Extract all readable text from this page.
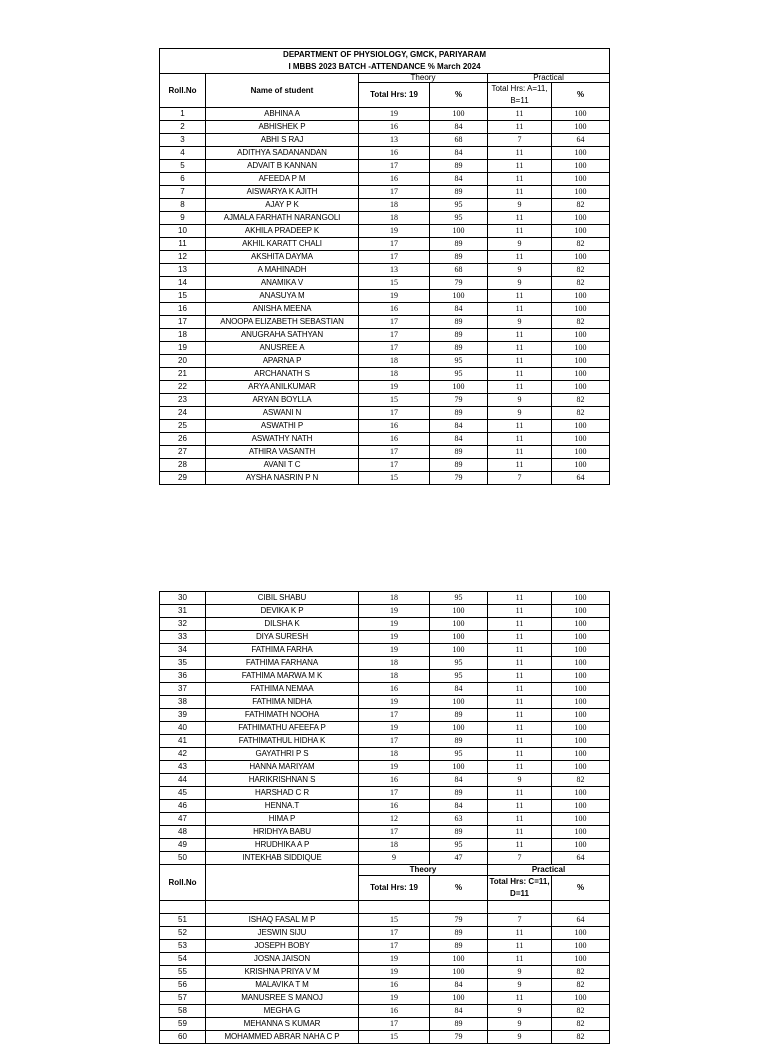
DEPARTMENT OF PHYSIOLOGY, GMCK, PARIYARAM
I MBBS 2023 BATCH -ATTENDANCE % March 2024					

Roll.No	Name of student	Theory		Practical	
		Total Hrs: 19	%	Total Hrs: A=11, B=11	%
1	ABHINA A	19	100	11	100
2	ABHISHEK P	16	84	11	100
3	ABHI S RAJ	13	68	7	64
4	ADITHYA SADANANDAN	16	84	11	100
5	ADVAIT B KANNAN	17	89	11	100
6	AFEEDA P M	16	84	11	100
7	AISWARYA K AJITH	17	89	11	100
8	AJAY P K	18	95	9	82
9	AJMALA FARHATH NARANGOLI	18	95	11	100
10	AKHILA PRADEEP K	19	100	11	100
11	AKHIL KARATT CHALI	17	89	9	82
12	AKSHITA DAYMA	17	89	11	100
13	A MAHINADH	13	68	9	82
14	ANAMIKA V	15	79	9	82
15	ANASUYA M	19	100	11	100
16	ANISHA MEENA	16	84	11	100
17	ANOOPA ELIZABETH SEBASTIAN	17	89	9	82
18	ANUGRAHA SATHYAN	17	89	11	100
19	ANUSREE A	17	89	11	100
20	APARNA P	18	95	11	100
21	ARCHANATH S	18	95	11	100
22	ARYA ANILKUMAR	19	100	11	100
23	ARYAN BOYLLA	15	79	9	82
24	ASWANI N	17	89	9	82
25	ASWATHI P	16	84	11	100
26	ASWATHY NATH	16	84	11	100
27	ATHIRA VASANTH	17	89	11	100
28	AVANI T C	17	89	11	100
29	AYSHA NASRIN P N	15	79	7	64
30	CIBIL SHABU	18	95	11	100
31	DEVIKA K P	19	100	11	100
32	DILSHA K	19	100	11	100
33	DIYA SURESH	19	100	11	100
34	FATHIMA FARHA	19	100	11	100
35	FATHIMA FARHANA	18	95	11	100
36	FATHIMA MARWA M K	18	95	11	100
37	FATHIMA NEMAA	16	84	11	100
38	FATHIMA NIDHA	19	100	11	100
39	FATHIMATH NOOHA	17	89	11	100
40	FATHIMATHU AFEEFA P	19	100	11	100
41	FATHIMATHUL HIDHA K	17	89	11	100
42	GAYATHRI P S	18	95	11	100
43	HANNA MARIYAM	19	100	11	100
44	HARIKRISHNAN S	16	84	9	82
45	HARSHAD C R	17	89	11	100
46	HENNA.T	16	84	11	100
47	HIMA P	12	63	11	100
48	HRIDHYA BABU	17	89	11	100
49	HRUDHIKA A P	18	95	11	100
50	INTEKHAB SIDDIQUE	9	47	7	64
Roll.No		Theory		Practical	
		Total Hrs: 19	%	Total Hrs: C=11, D=11	%

51	ISHAQ FASAL M P	15	79	7	64
52	JESWIN SIJU	17	89	11	100
53	JOSEPH BOBY	17	89	11	100
54	JOSNA JAISON	19	100	11	100
55	KRISHNA PRIYA V M	19	100	9	82
56	MALAVIKA T M	16	84	9	82
57	MANUSREE S MANOJ	19	100	11	100
58	MEGHA G	16	84	9	82
59	MEHANNA S KUMAR	17	89	9	82
60	MOHAMMED ABRAR NAHA C P	15	79	9	82
